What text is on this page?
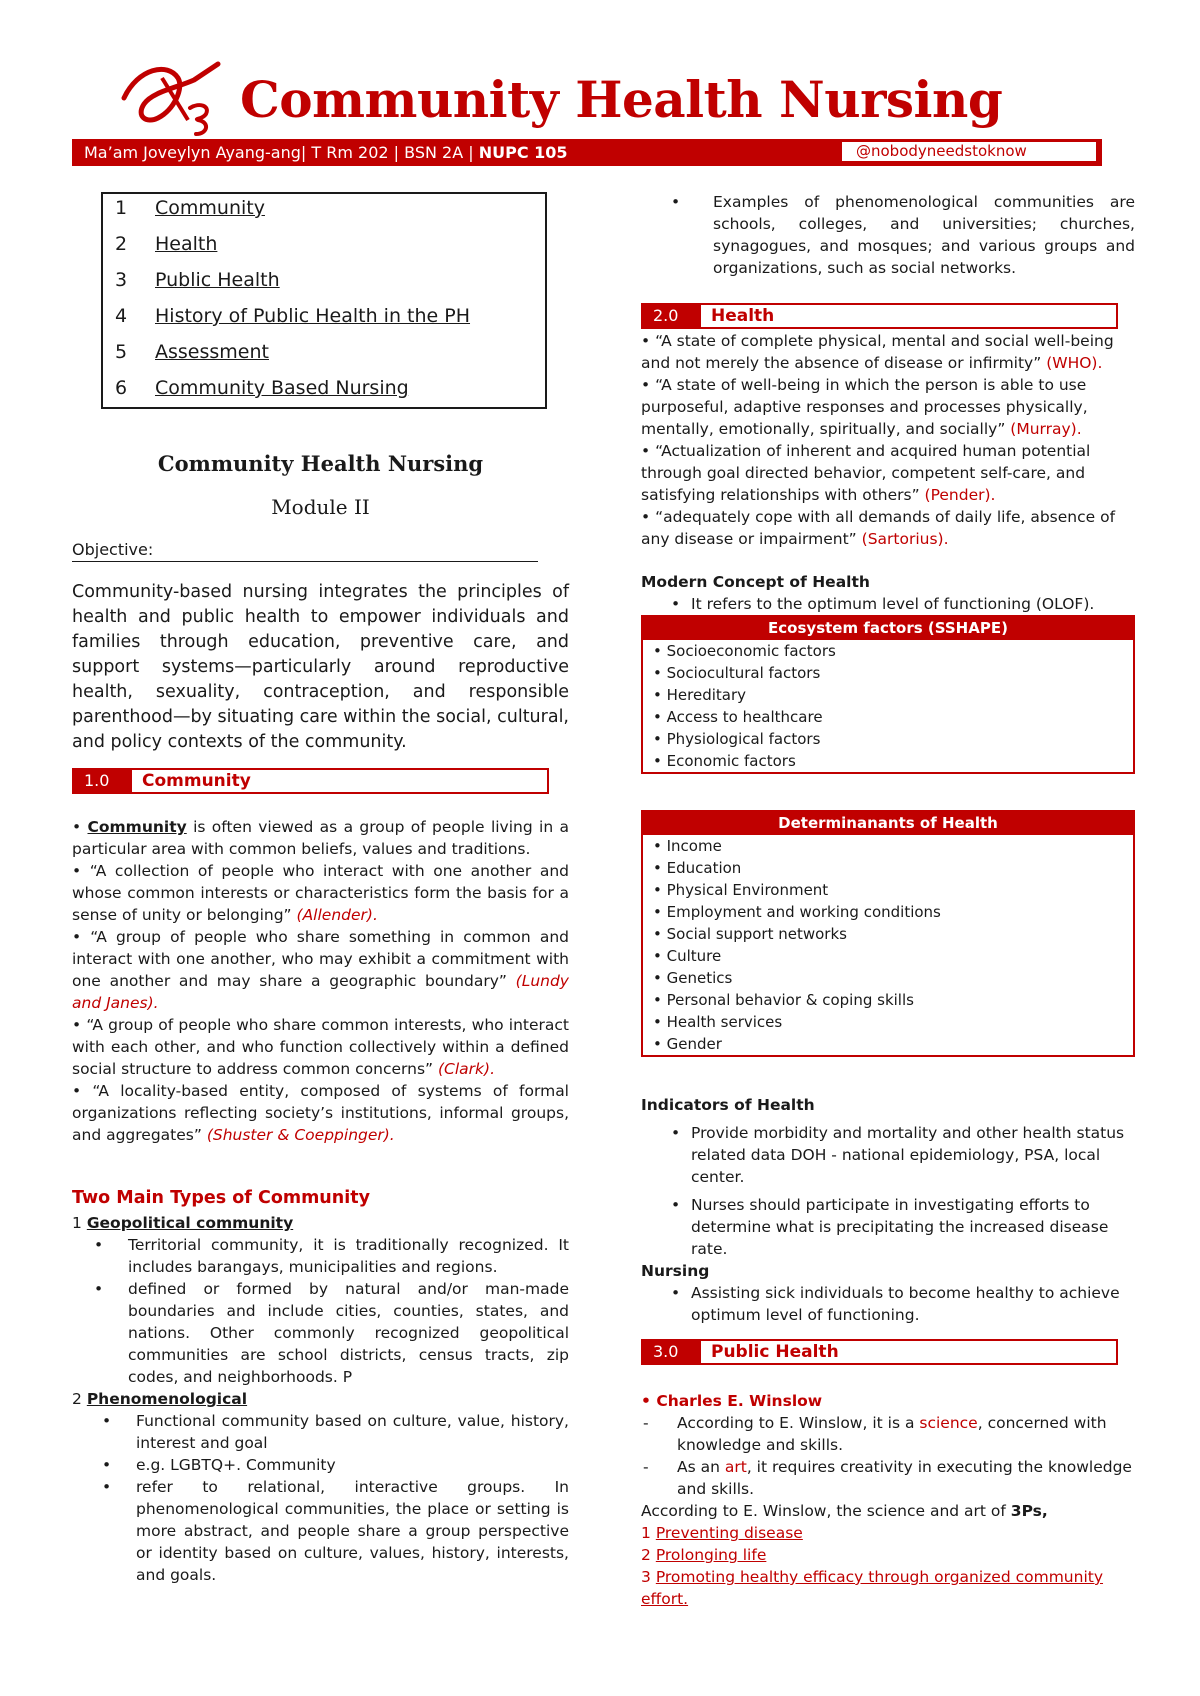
Community Health Nursing
Ma’am Joveylyn Ayang-ang| T Rm 202 | BSN 2A | NUPC 105	@nobodyneedstoknow
1 Community
2 Health
3 Public Health
4 History of Public Health in the PH
5 Assessment
6 Community Based Nursing
Community Health Nursing
Module II
Objective:
Community-based nursing integrates the principles of health and public health to empower individuals and families through education, preventive care, and support systems—particularly around reproductive health, sexuality, contraception, and responsible parenthood—by situating care within the social, cultural, and policy contexts of the community.
1.0	Community
• Community is often viewed as a group of people living in a particular area with common beliefs, values and traditions.
• “A collection of people who interact with one another and whose common interests or characteristics form the basis for a sense of unity or belonging” (Allender).
• “A group of people who share something in common and interact with one another, who may exhibit a commitment with one another and may share a geographic boundary” (Lundy and Janes).
• “A group of people who share common interests, who interact with each other, and who function collectively within a defined social structure to address common concerns” (Clark).
• “A locality-based entity, composed of systems of formal organizations reflecting society’s institutions, informal groups, and aggregates” (Shuster & Coeppinger).
Two Main Types of Community
1 Geopolitical community
• Territorial community, it is traditionally recognized. It includes barangays, municipalities and regions.
• defined or formed by natural and/or man-made boundaries and include cities, counties, states, and nations. Other commonly recognized geopolitical communities are school districts, census tracts, zip codes, and neighborhoods. P
2 Phenomenological
• Functional community based on culture, value, history, interest and goal
• e.g. LGBTQ+. Community
• refer to relational, interactive groups. In phenomenological communities, the place or setting is more abstract, and people share a group perspective or identity based on culture, values, history, interests, and goals.
• Examples of phenomenological communities are schools, colleges, and universities; churches, synagogues, and mosques; and various groups and organizations, such as social networks.
2.0	Health
• “A state of complete physical, mental and social well-being and not merely the absence of disease or infirmity” (WHO).
• “A state of well-being in which the person is able to use purposeful, adaptive responses and processes physically, mentally, emotionally, spiritually, and socially” (Murray).
• “Actualization of inherent and acquired human potential through goal directed behavior, competent self-care, and satisfying relationships with others” (Pender).
• “adequately cope with all demands of daily life, absence of any disease or impairment” (Sartorius).
Modern Concept of Health
• It refers to the optimum level of functioning (OLOF).
Ecosystem factors (SSHAPE)
• Socioeconomic factors
• Sociocultural factors
• Hereditary
• Access to healthcare
• Physiological factors
• Economic factors
Determinanants of Health
• Income
• Education
• Physical Environment
• Employment and working conditions
• Social support networks
• Culture
• Genetics
• Personal behavior & coping skills
• Health services
• Gender
Indicators of Health
• Provide morbidity and mortality and other health status related data DOH - national epidemiology, PSA, local center.
• Nurses should participate in investigating efforts to determine what is precipitating the increased disease rate.
Nursing
• Assisting sick individuals to become healthy to achieve optimum level of functioning.
3.0	Public Health
• Charles E. Winslow
- According to E. Winslow, it is a science, concerned with knowledge and skills.
- As an art, it requires creativity in executing the knowledge and skills.
According to E. Winslow, the science and art of 3Ps,
1 Preventing disease
2 Prolonging life
3 Promoting healthy efficacy through organized community effort.
